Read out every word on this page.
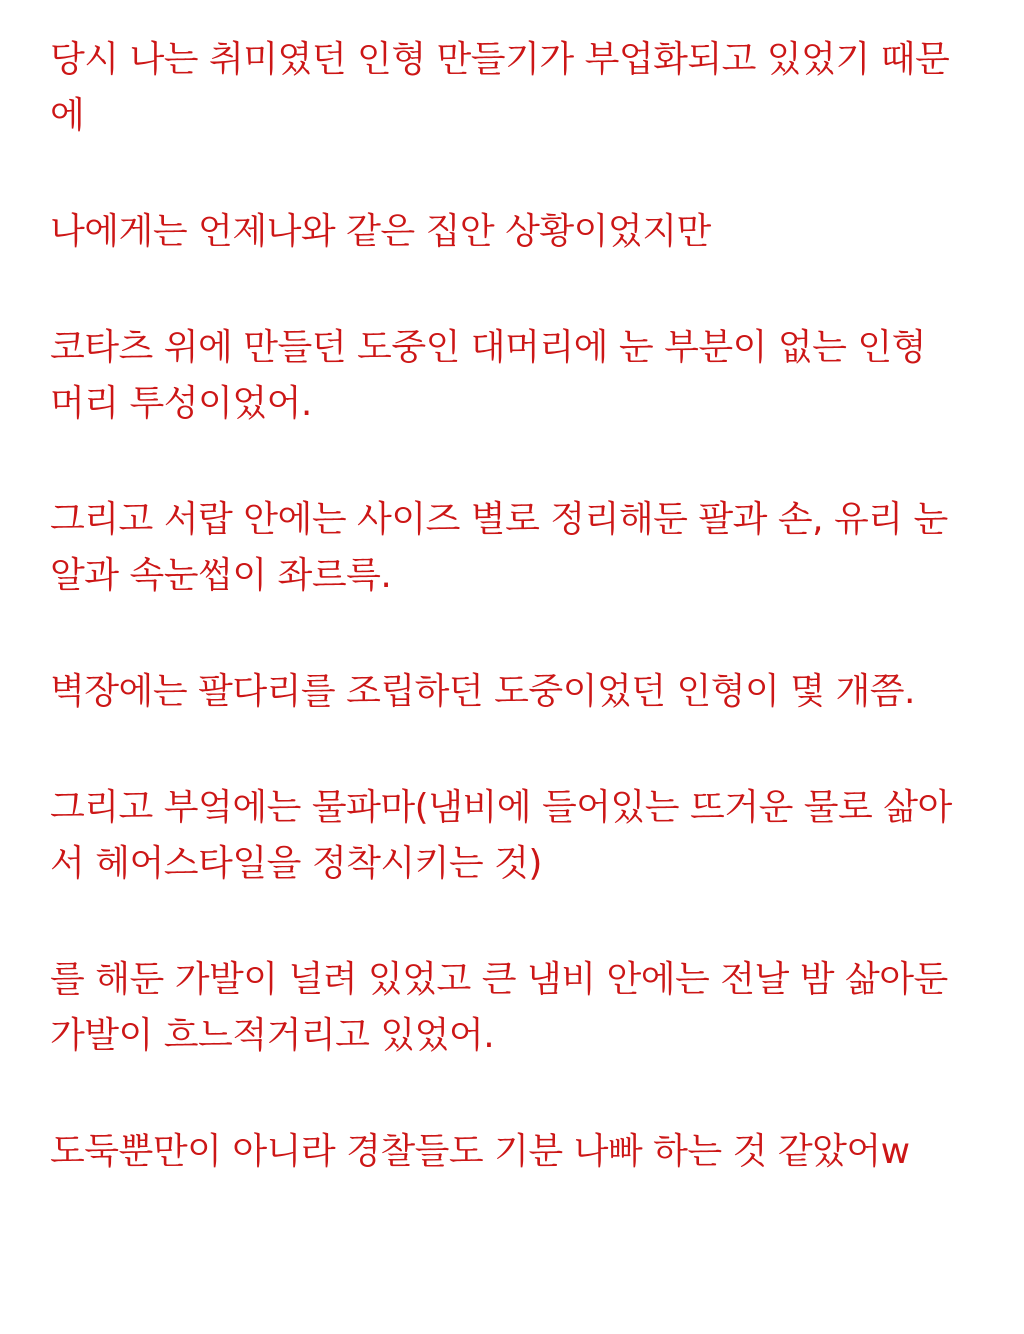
당시 나는 취미였던 인형 만들기가 부업화되고 있었기 때문
에

나에게는 언제나와 같은 집안 상황이었지만

코타츠 위에 만들던 도중인 대머리에 눈 부분이 없는 인형
머리 투성이었어.

그리고 서랍 안에는 사이즈 별로 정리해둔 팔과 손, 유리 눈
알과 속눈썹이 좌르륵.

벽장에는 팔다리를 조립하던 도중이었던 인형이 몇 개쯤.

그리고 부엌에는 물파마(냄비에 들어있는 뜨거운 물로 삶아
서 헤어스타일을 정착시키는 것)

를 해둔 가발이 널려 있었고 큰 냄비 안에는 전날 밤 삶아둔
가발이 흐느적거리고 있었어.

도둑뿐만이 아니라 경찰들도 기분 나빠 하는 것 같았어w
